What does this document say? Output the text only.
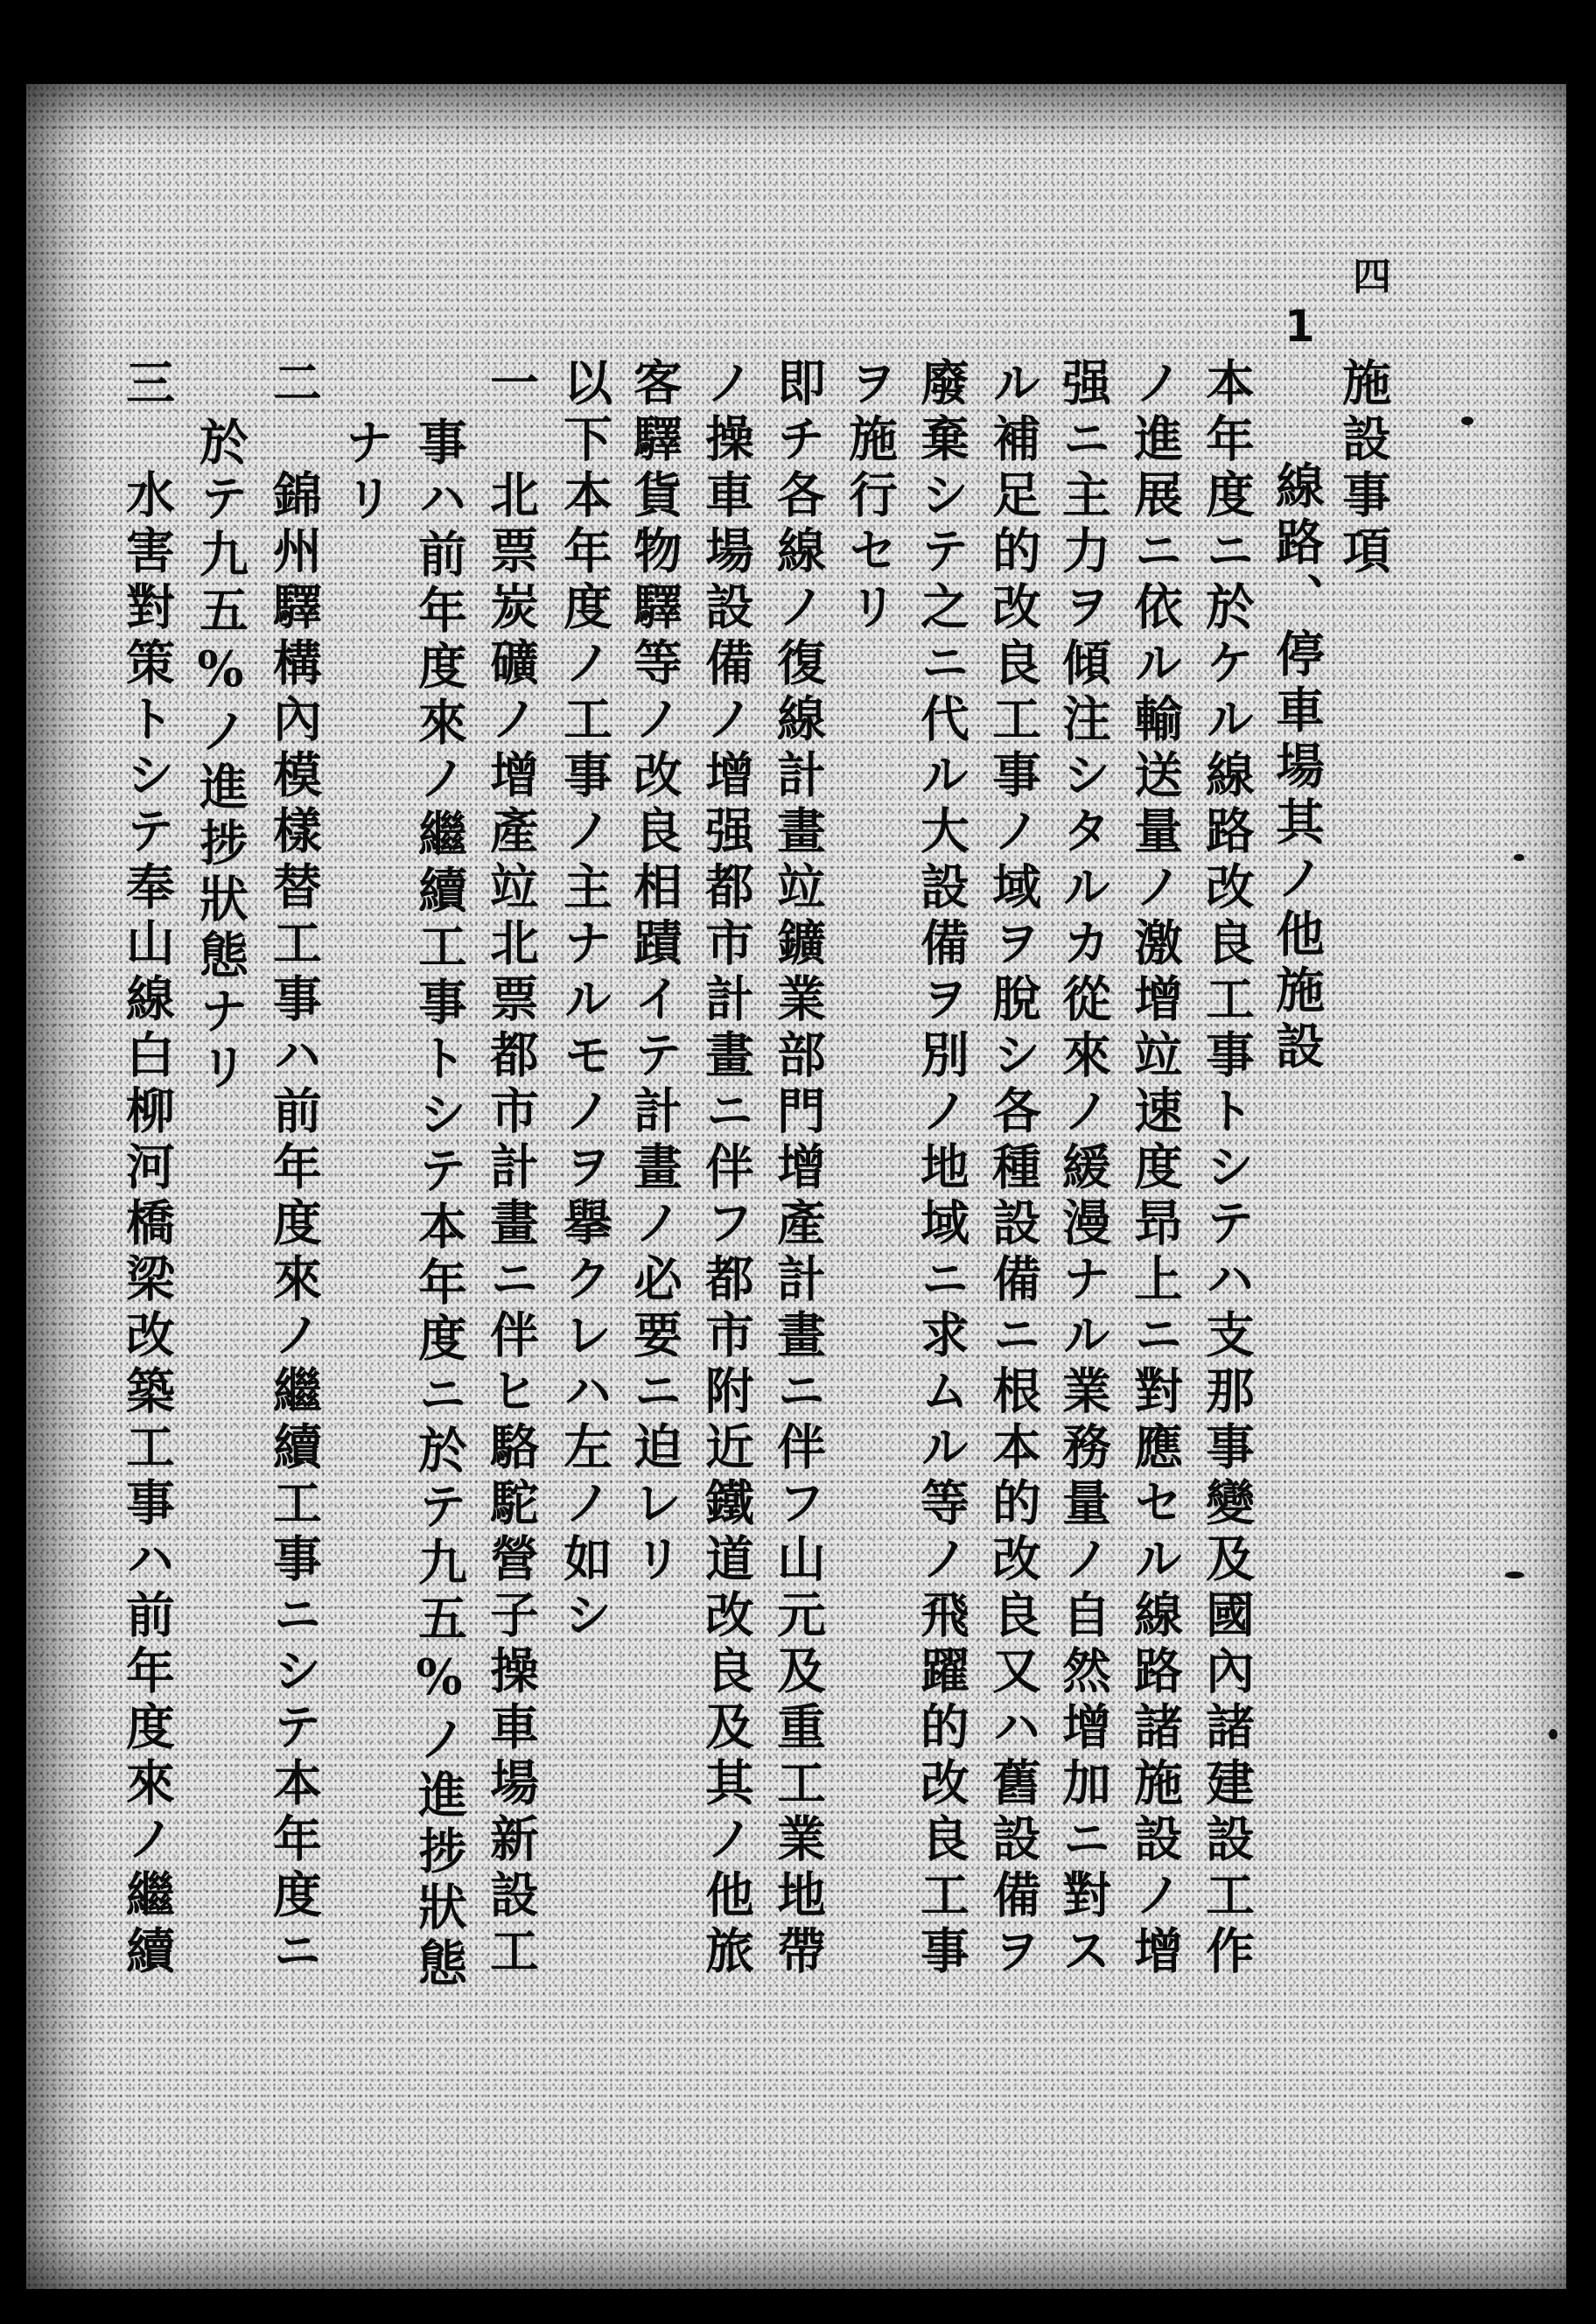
四
1
施設事項
線路、停車場其ノ他施設
本年度ニ於ケル線路改良工事トシテハ支那事變及國內諸建設工作
ノ進展ニ依ル輸送量ノ激增竝速度昻上ニ對應セル線路諸施設ノ增
强ニ主力ヲ傾注シタルカ從來ノ緩漫ナル業務量ノ自然增加ニ對ス
ル補足的改良工事ノ域ヲ脫シ各種設備ニ根本的改良又ハ舊設備ヲ
廢棄シテ之ニ代ル大設備ヲ別ノ地域ニ求ムル等ノ飛躍的改良工事
ヲ施行セリ
即チ各線ノ復線計畫竝鑛業部門增產計畫ニ伴フ山元及重工業地帶
ノ操車場設備ノ增强都市計畫ニ伴フ都市附近鐵道改良及其ノ他旅
客驛貨物驛等ノ改良相蹟イテ計畫ノ必要ニ迫レリ
以下本年度ノ工事ノ主ナルモノヲ擧クレハ左ノ如シ
一　北票炭礦ノ增產竝北票都市計畫ニ伴ヒ駱駝營子操車場新設工
事ハ前年度來ノ繼續工事トシテ本年度ニ於テ九五%ノ進捗狀態
ナリ
二　錦州驛構內模樣替工事ハ前年度來ノ繼續工事ニシテ本年度ニ
於テ九五%ノ進捗狀態ナリ
三　水害對策トシテ奉山線白柳河橋梁改築工事ハ前年度來ノ繼續
